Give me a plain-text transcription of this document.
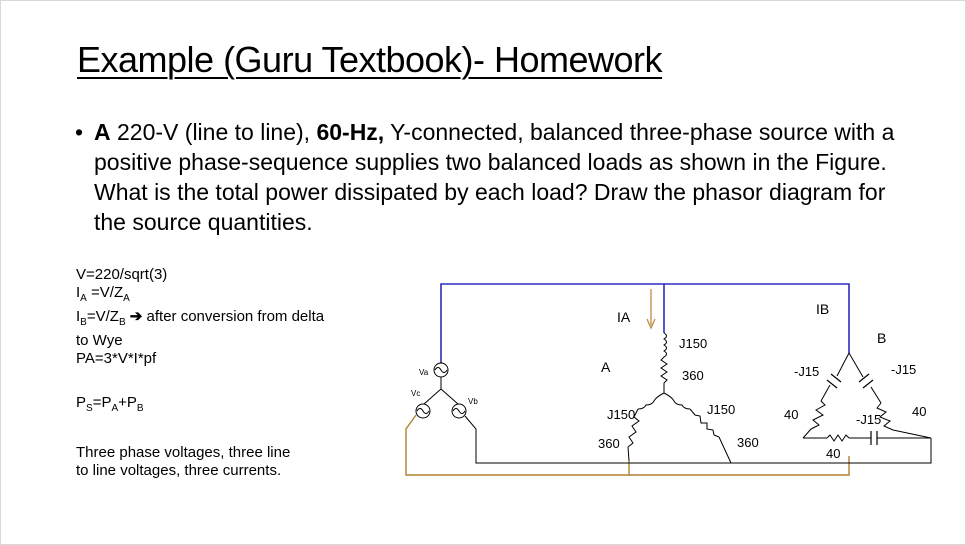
Example (Guru Textbook)- Homework
• A 220-V (line to line), 60-Hz, Y-connected, balanced three-phase source with a positive phase-sequence supplies two balanced loads as shown in the Figure. What is the total power dissipated by each load? Draw the phasor diagram for the source quantities.
V=220/sqrt(3)
$I_A =V/Z_A$
$I_B=V/Z_B$ ➔ after conversion from delta
to Wye
PA=3*V*I*pf
$P_S=P_A+P_B$
Three phase voltages, three line to line voltages, three currents.
Va
Vb
Vc
IA	IB
A
B
J150
360
J150
360
J150
360
-J15
40
-J15
40
-J15
40
